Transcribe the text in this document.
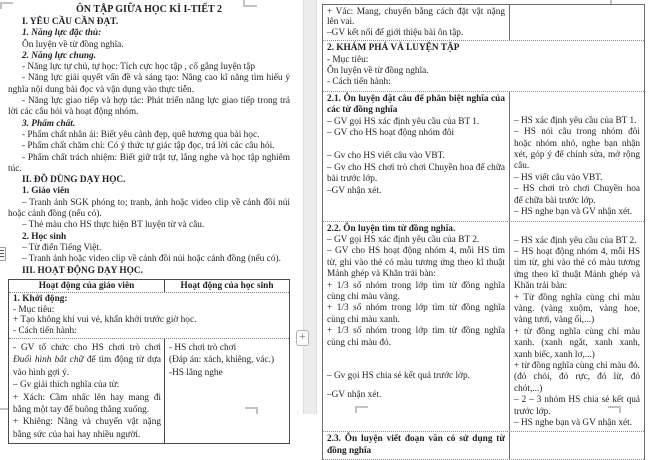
ÔN TẬP GIỮA HỌC KÌ I-TIẾT 2

I. YÊU CẦU CẦN ĐẠT.

1. Năng lực đặc thù:

Ôn luyện về từ đồng nghĩa.

2. Năng lực chung.

- Năng lực tự chủ, tự học: Tích cực học tập , cố gắng luyện tập

- Năng lực giải quyết vấn đề và sáng tạo: Nâng cao kĩ năng tìm hiểu ý nghĩa nội dung bài đọc và vận dụng vào thực tiễn.

- Năng lực giao tiếp và hợp tác: Phát triển năng lực giao tiếp trong trả lời các câu hỏi và hoạt động nhóm.

3. Phẩm chất.

- Phẩm chất nhân ái: Biết yêu cảnh đẹp, quê hương qua bài học.

- Phẩm chất chăm chỉ: Có ý thức tự giác tập đọc, trả lời các câu hỏi.

- Phẩm chất trách nhiệm: Biết giữ trật tự, lắng nghe và học tập nghiêm túc.

II. ĐỒ DÙNG DẠY HỌC.

1. Giáo viên

– Tranh ảnh SGK phóng to; tranh, ảnh hoặc video clip về cảnh đồi núi hoặc cánh đồng (nếu có).

– Thẻ màu cho HS thực hiện BT luyện từ và câu.

2. Học sinh

– Từ điển Tiếng Việt.

– Tranh ảnh hoặc video clip về cảnh đồi núi hoặc cánh đồng (nếu có).

III. HOẠT ĐỘNG DẠY HỌC.

Hoạt động của giáo viên	Hoạt động của học sinh

1. Khởi động:

- Mục tiêu:

+ Tạo không khí vui vẻ, khấn khởi trước giờ học.

- Cách tiến hành:

- GV tổ chức cho HS chơi trò chơi Đuổi hình bắt chữ để tìm động từ dựa vào hình gợi ý.

– Gv giải thích nghĩa của từ:

+ Xách: Cầm nhấc lên hay mang đi bằng một tay để buông thẳng xuống.

+ Khiêng: Nâng và chuyển vật nặng bằng sức của hai hay nhiều người.

- HS chơi trò chơi

(Đáp án: xách, khiêng, vác.)

-HS lắng nghe

+ Vác: Mang, chuyển bằng cách đặt vật nặng lên vai.

–GV kết nối để giới thiệu bài ôn tập.

2. KHÁM PHÁ VÀ LUYỆN TẬP

- Mục tiêu:

Ôn luyện về từ đồng nghĩa.

- Cách tiến hành:

2.1. Ôn luyện đặt câu để phân biệt nghĩa của các từ đồng nghĩa

– GV gọi HS xác định yêu cầu của BT 1.

– GV cho HS hoạt động nhóm đôi

– Gv cho HS viết câu vào VBT.

– Gv cho HS chơi trò chơi Chuyền hoa để chữa bài trước lớp.

–GV nhận xét.

– HS xác định yêu cầu của BT 1.

– HS nói câu trong nhóm đôi hoặc nhóm nhỏ, nghe bạn nhận xét, góp ý để chỉnh sửa, mở rộng câu.

– HS viết câu vào VBT.

– HS chơi trò chơi Chuyền hoa để chữa bài trước lớp.

– HS nghe bạn và GV nhận xét.

2.2. Ôn luyện tìm từ đồng nghĩa.

– GV gọi HS xác định yêu cầu của BT 2.

– GV cho HS hoạt động nhóm 4, mỗi HS tìm từ, ghi vào thẻ có màu tương ứng theo kĩ thuật Mảnh ghép và Khăn trải bàn:

+ 1/3 số nhóm trong lớp tìm từ đồng nghĩa cùng chỉ màu vàng.

+ 1/3 số nhóm trong lớp tìm từ đồng nghĩa cùng chỉ màu xanh.

+ 1/3 số nhóm trong lớp tìm từ đồng nghĩa cùng chỉ màu đỏ.

– Gv gọi HS chia sẻ kết quả trước lớp.

–GV nhận xét.

– HS xác định yêu cầu của BT 2.

– HS hoạt động nhóm 4, mỗi HS tìm từ, ghi vào thẻ có màu tương ứng theo kĩ thuật Mảnh ghép và Khăn trải bàn:

+ Từ đồng nghĩa cùng chỉ màu vàng. (vàng xuộm, vàng hoe, vàng tươi, vàng ối,...)

+ từ đồng nghĩa cùng chỉ màu xanh. (xanh ngắt, xanh xanh, xanh biếc, xanh lơ,...)

+ từ đồng nghĩa cùng chỉ màu đỏ. (đỏ chói, đỏ rực, đỏ lừ, đỏ chót,...)

– 2 – 3 nhóm HS chia sẻ kết quả trước lớp.

– HS nghe bạn và GV nhận xét.

2.3. Ôn luyện viết đoạn văn có sử dụng từ đồng nghĩa

+
